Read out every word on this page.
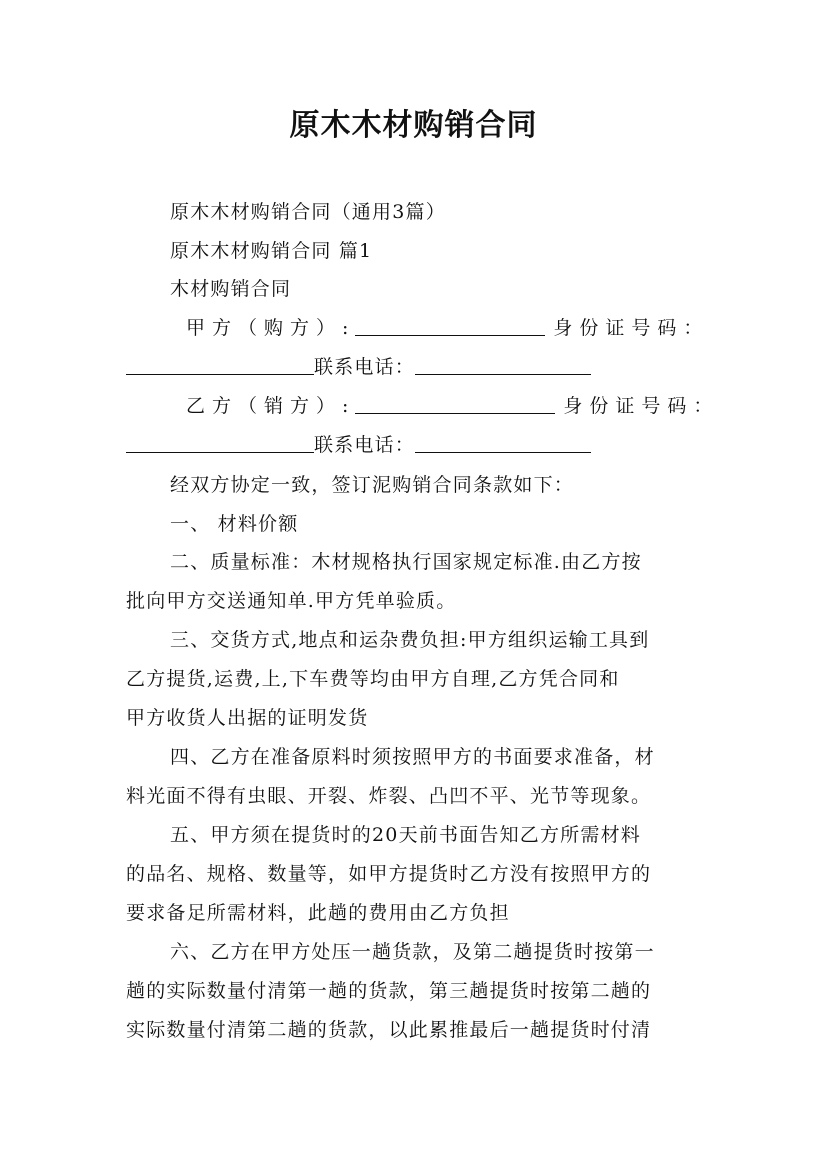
原木木材购销合同
原木木材购销合同（通用3篇）
原木木材购销合同 篇1
木材购销合同
甲方（购方）:	身份证号码：
联系电话：
乙方（销方）:	身份证号码：
联系电话：
经双方协定一致，签订泥购销合同条款如下：
一、 材料价额
二、质量标准：木材规格执行国家规定标准.由乙方按
批向甲方交送通知单.甲方凭单验质。
三、交货方式,地点和运杂费负担:甲方组织运输工具到
乙方提货,运费,上,下车费等均由甲方自理,乙方凭合同和
甲方收货人出据的证明发货
四、乙方在准备原料时须按照甲方的书面要求准备，材
料光面不得有虫眼、开裂、炸裂、凸凹不平、光节等现象。
五、甲方须在提货时的20天前书面告知乙方所需材料
的品名、规格、数量等，如甲方提货时乙方没有按照甲方的
要求备足所需材料，此趟的费用由乙方负担
六、乙方在甲方处压一趟货款，及第二趟提货时按第一
趟的实际数量付清第一趟的货款，第三趟提货时按第二趟的
实际数量付清第二趟的货款，以此累推最后一趟提货时付清
